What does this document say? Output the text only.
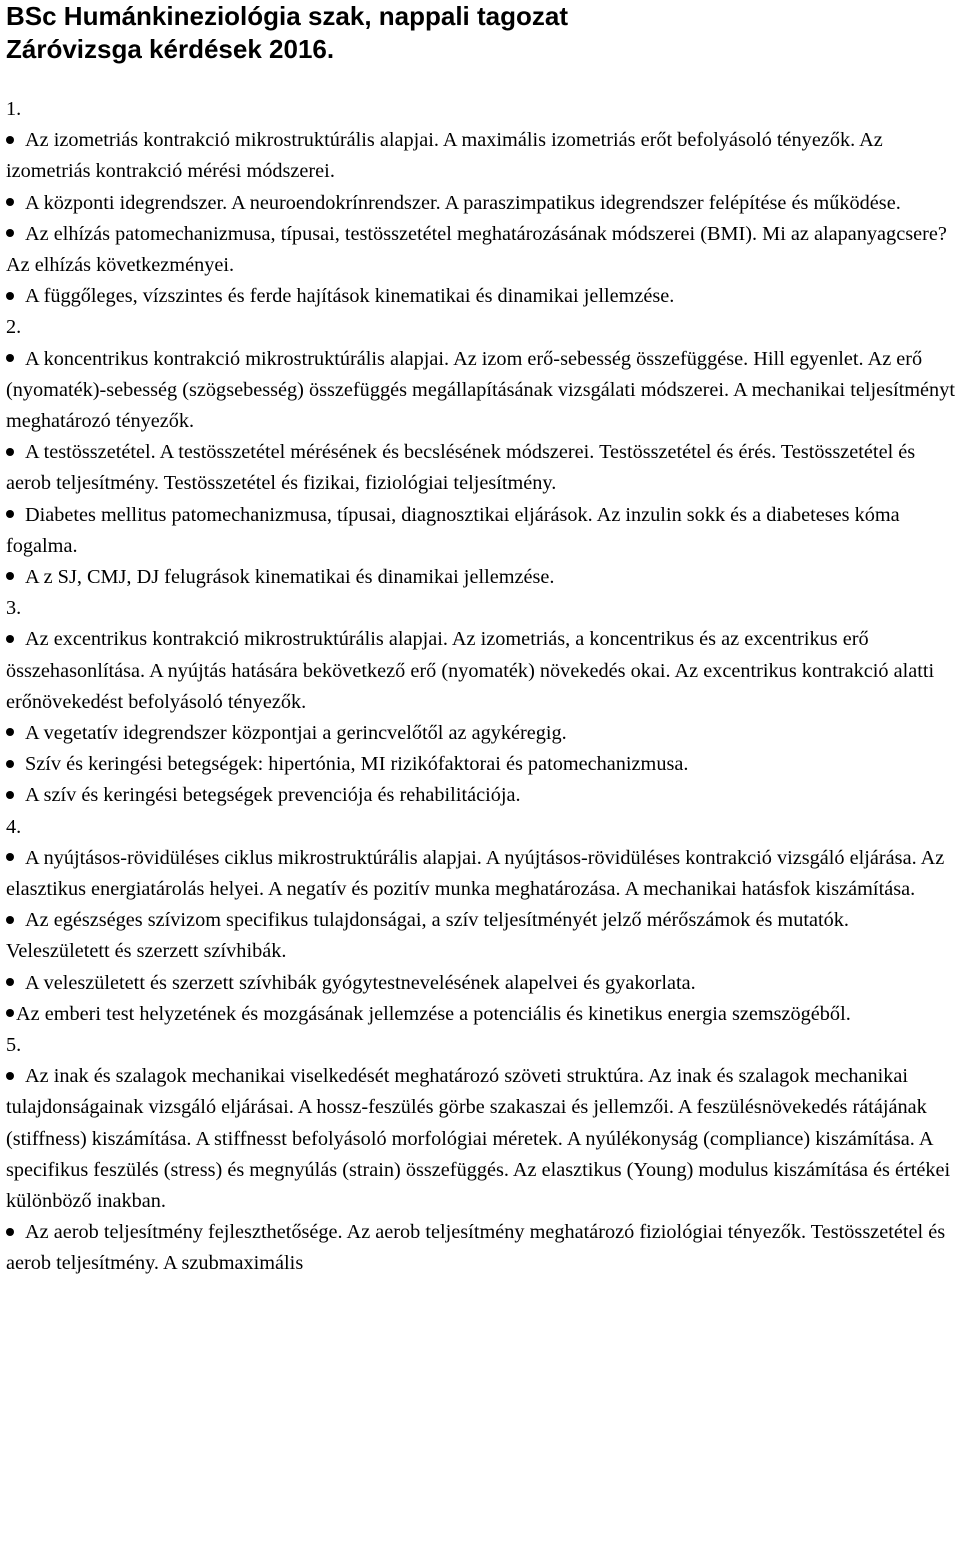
BSc Humánkineziológia szak, nappali tagozat
Záróvizsga kérdések 2016.
1.
Az izometriás kontrakció mikrostruktúrális alapjai. A maximális izometriás erőt befolyásoló tényezők. Az izometriás kontrakció mérési módszerei.
A központi idegrendszer. A neuroendokrínrendszer. A paraszimpatikus idegrendszer felépítése és működése.
Az elhízás patomechanizmusa, típusai, testösszetétel meghatározásának módszerei (BMI). Mi az alapanyagcsere? Az elhízás következményei.
A függőleges, vízszintes és ferde hajítások kinematikai és dinamikai jellemzése.
2.
A koncentrikus kontrakció mikrostruktúrális alapjai. Az izom erő-sebesség összefüggése. Hill egyenlet. Az erő (nyomaték)-sebesség (szögsebesség) összefüggés megállapításának vizsgálati módszerei. A mechanikai teljesítményt meghatározó tényezők.
A testösszetétel. A testösszetétel mérésének és becslésének módszerei. Testösszetétel és érés. Testösszetétel és aerob teljesítmény. Testösszetétel és fizikai, fiziológiai teljesítmény.
Diabetes mellitus patomechanizmusa, típusai, diagnosztikai eljárások. Az inzulin sokk és a diabeteses kóma fogalma.
A z SJ, CMJ, DJ felugrások kinematikai és dinamikai jellemzése.
3.
Az excentrikus kontrakció mikrostruktúrális alapjai. Az izometriás, a koncentrikus és az excentrikus erő összehasonlítása. A nyújtás hatására bekövetkező erő (nyomaték) növekedés okai. Az excentrikus kontrakció alatti erőnövekedést befolyásoló tényezők.
A vegetatív idegrendszer központjai a gerincvelőtől az agykéregig.
Szív és keringési betegségek: hipertónia, MI rizikófaktorai és patomechanizmusa.
A szív és keringési betegségek prevenciója és rehabilitációja.
4.
A nyújtásos-rövidüléses ciklus mikrostruktúrális alapjai. A nyújtásos-rövidüléses kontrakció vizsgáló eljárása. Az elasztikus energiatárolás helyei. A negatív és pozitív munka meghatározása. A mechanikai hatásfok kiszámítása.
Az egészséges szívizom specifikus tulajdonságai, a szív teljesítményét jelző mérőszámok és mutatók. Veleszületett és szerzett szívhibák.
A veleszületett és szerzett szívhibák gyógytestnevelésének alapelvei és gyakorlata.
Az emberi test helyzetének és mozgásának jellemzése a potenciális és kinetikus energia szemszögéből.
5.
Az inak és szalagok mechanikai viselkedését meghatározó szöveti struktúra. Az inak és szalagok mechanikai tulajdonságainak vizsgáló eljárásai. A hossz-feszülés görbe szakaszai és jellemzői. A feszülésnövekedés rátájának (stiffness) kiszámítása. A stiffnesst befolyásoló morfológiai méretek. A nyúlékonyság (compliance) kiszámítása. A specifikus feszülés (stress) és megnyúlás (strain) összefüggés. Az elasztikus (Young) modulus kiszámítása és értékei különböző inakban.
Az aerob teljesítmény fejleszthetősége. Az aerob teljesítmény meghatározó fiziológiai tényezők. Testösszetétel és aerob teljesítmény. A szubmaximális
